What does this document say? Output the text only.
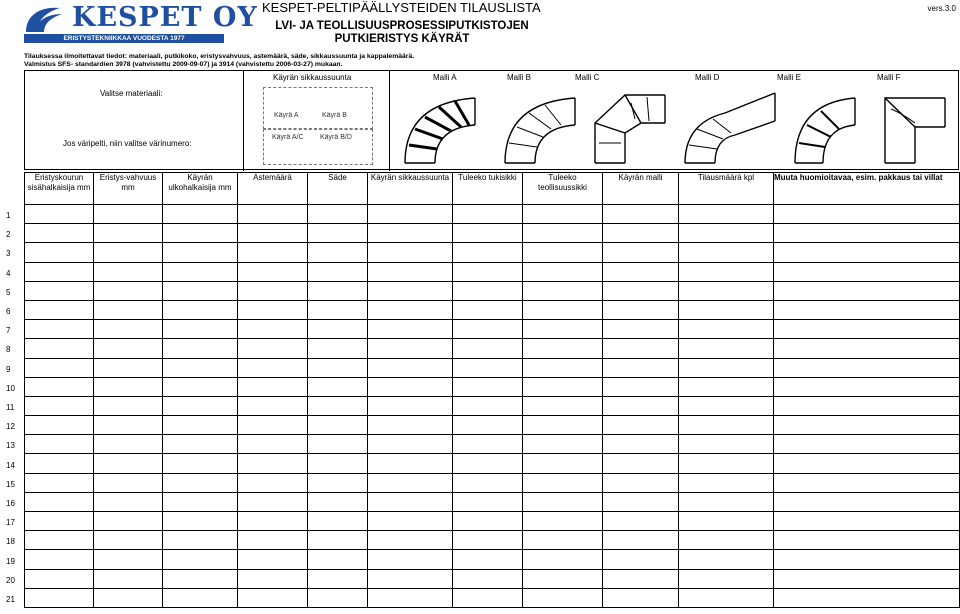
KESPET OY
ERISTYSTEKNIIKKAA VUODESTA 1977
KESPET-PELTIPÄÄLLYSTEIDEN TILAUSLISTA
LVI- JA TEOLLISUUSPROSESSIPUTKISTOJEN PUTKIERISTYS KÄYRÄT
vers.3.0
Tilauksessa ilmoitettavat tiedot: materiaali, putkikoko, eristysvahvuus, astemäärä, säde, sikkaussuunta ja kappalemäärä. Valmistus SFS- standardien 3978 (vahvistettu 2009-09-07) ja 3914 (vahvistettu 2006-03-27) mukaan.
Valitse materiaali:
Jos väripelti, niin valitse värinumero:
Käyrän sikkaussuunta
Käyrä A	Käyrä B
Käyrä A/C Käyrä B/D
Malli A	Malli B	Malli C	Malli D	Malli E	Malli F
Eristyskourun sisähalkaisija mm	Eristys-vahvuus mm	Käyrän ulkohalkaisija mm	Astemäärä	Säde	Käyrän sikkaussuunta	Tuleeko tukisikki	Tuleeko teollisuussikki	Käyrän malli	Tilausmäärä kpl	Muuta huomioitavaa, esim. pakkaus tai villat

1
2
3
4
5
6
7
8
9
10
11
12
13
14
15
16
17
18
19
20
21
